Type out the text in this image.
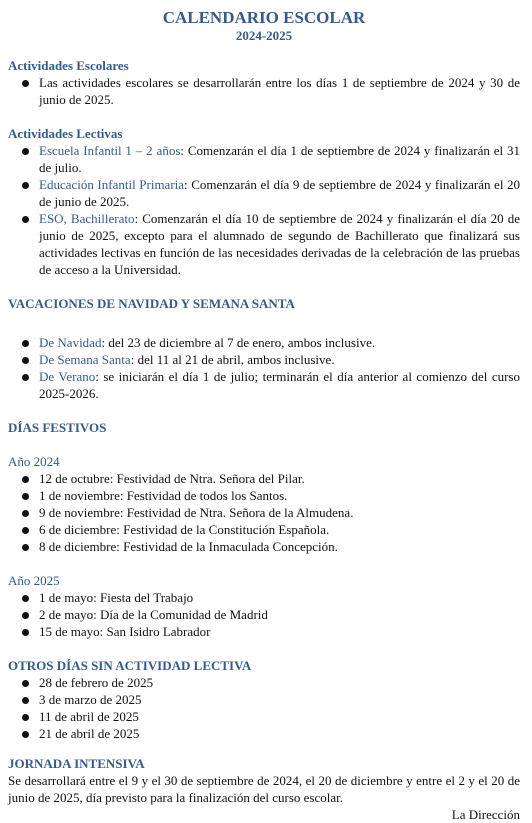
CALENDARIO ESCOLAR
2024-2025
Actividades Escolares
Las actividades escolares se desarrollarán entre los días 1 de septiembre de 2024 y 30 de junio de 2025.
Actividades Lectivas
Escuela Infantil 1 – 2 años: Comenzarán el día 1 de septiembre de 2024 y finalizarán el 31 de julio.
Educación Infantil Primaria: Comenzarán el día 9 de septiembre de 2024 y finalizarán el 20 de junio de 2025.
ESO, Bachillerato: Comenzarán el día 10 de septiembre de 2024 y finalizarán el día 20 de junio de 2025, excepto para el alumnado de segundo de Bachillerato que finalizará sus actividades lectivas en función de las necesidades derivadas de la celebración de las pruebas de acceso a la Universidad.
VACACIONES DE NAVIDAD Y SEMANA SANTA
De Navidad: del 23 de diciembre al 7 de enero, ambos inclusive.
De Semana Santa: del 11 al 21 de abril, ambos inclusive.
De Verano: se iniciarán el día 1 de julio; terminarán el día anterior al comienzo del curso 2025-2026.
DÍAS FESTIVOS
Año 2024
12 de octubre: Festividad de Ntra. Señora del Pilar.
1 de noviembre: Festividad de todos los Santos.
9 de noviembre: Festividad de Ntra. Señora de la Almudena.
6 de diciembre: Festividad de la Constitución Española.
8 de diciembre: Festividad de la Inmaculada Concepción.
Año 2025
1 de mayo: Fiesta del Trabajo
2 de mayo: Día de la Comunidad de Madrid
15 de mayo: San Isidro Labrador
OTROS DÍAS SIN ACTIVIDAD LECTIVA
28 de febrero de 2025
3 de marzo de 2025
11 de abril de 2025
21 de abril de 2025
JORNADA INTENSIVA

Se desarrollará entre el 9 y el 30 de septiembre de 2024, el 20 de diciembre y entre el 2 y el 20 de junio de 2025, día previsto para la finalización del curso escolar.

La Dirección
